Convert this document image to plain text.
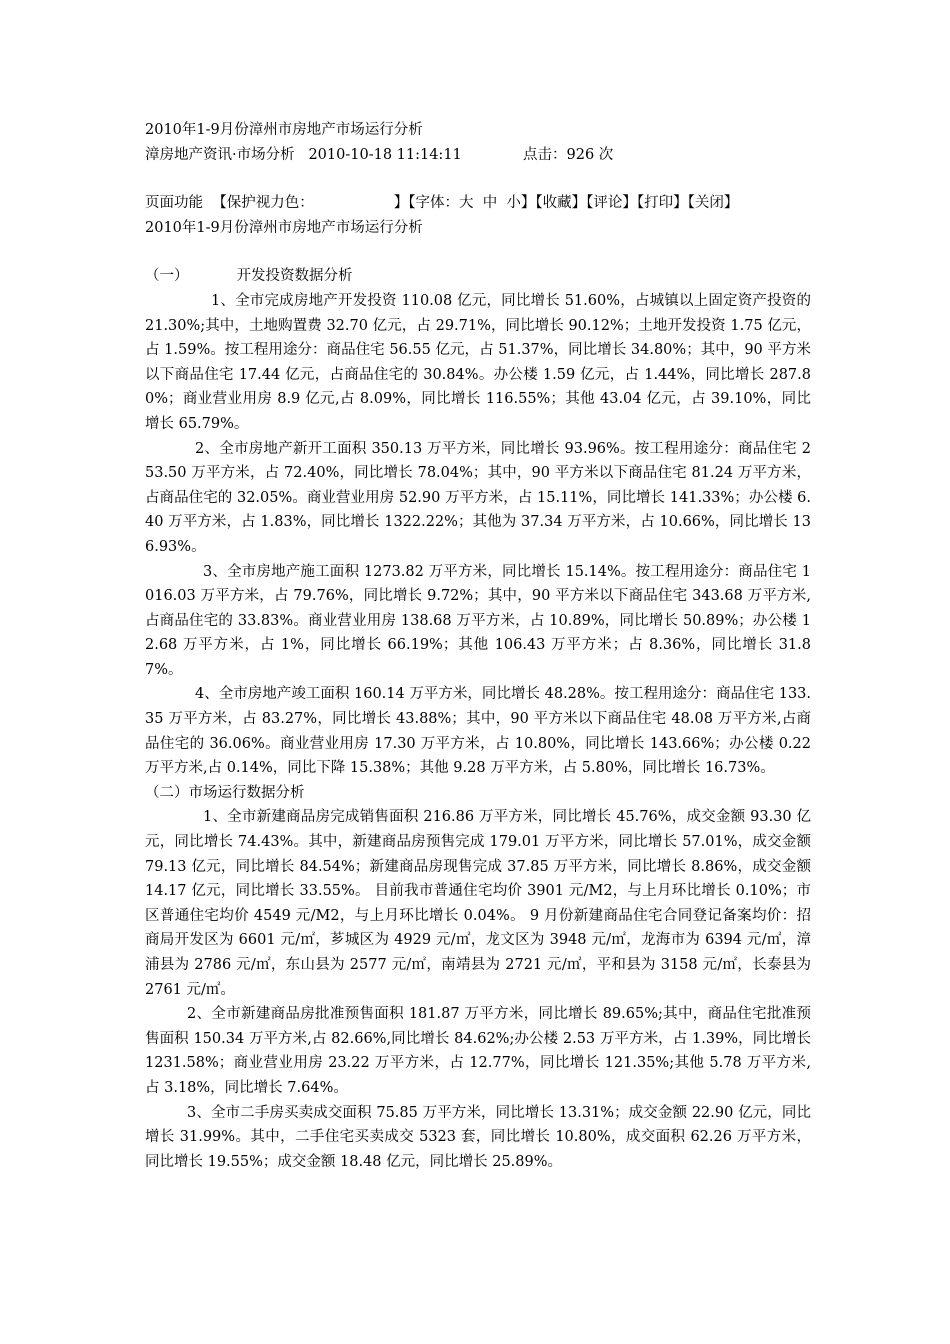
2010年1-9月份漳州市房地产市场运行分析
漳房地产资讯·市场分析 2010-10-18 11:14:11	点击：926 次
页面功能 【保护视力色：	】【字体：大 中 小】【收藏】【评论】【打印】【关闭】
2010年1-9月份漳州市房地产市场运行分析
（一）	开发投资数据分析

1、全市完成房地产开发投资 110.08 亿元，同比增长 51.60%，占城镇以上固定资产投资的 21.30%;其中，土地购置费 32.70 亿元，占 29.71%，同比增长 90.12%；土地开发投资 1.75 亿元，占 1.59%。按工程用途分：商品住宅 56.55 亿元，占 51.37%，同比增长 34.80%；其中，90 平方米以下商品住宅 17.44 亿元，占商品住宅的 30.84%。办公楼 1.59 亿元，占 1.44%，同比增长 287.80%；商业营业用房 8.9 亿元,占 8.09%，同比增长 116.55%；其他 43.04 亿元，占 39.10%，同比增长 65.79%。

2、全市房地产新开工面积 350.13 万平方米，同比增长 93.96%。按工程用途分：商品住宅 253.50 万平方米，占 72.40%，同比增长 78.04%；其中，90 平方米以下商品住宅 81.24 万平方米，占商品住宅的 32.05%。商业营业用房 52.90 万平方米，占 15.11%，同比增长 141.33%；办公楼 6.40 万平方米，占 1.83%，同比增长 1322.22%；其他为 37.34 万平方米，占 10.66%，同比增长 136.93%。

3、全市房地产施工面积 1273.82 万平方米，同比增长 15.14%。按工程用途分：商品住宅 1016.03 万平方米，占 79.76%，同比增长 9.72%；其中，90 平方米以下商品住宅 343.68 万平方米,占商品住宅的 33.83%。商业营业用房 138.68 万平方米，占 10.89%，同比增长 50.89%；办公楼 12.68 万平方米，占 1%，同比增长 66.19%；其他 106.43 万平方米；占 8.36%，同比增长 31.87%。

4、全市房地产竣工面积 160.14 万平方米，同比增长 48.28%。按工程用途分：商品住宅 133.35 万平方米，占 83.27%，同比增长 43.88%；其中，90 平方米以下商品住宅 48.08 万平方米,占商品住宅的 36.06%。商业营业用房 17.30 万平方米，占 10.80%，同比增长 143.66%；办公楼 0.22 万平方米,占 0.14%，同比下降 15.38%；其他 9.28 万平方米，占 5.80%，同比增长 16.73%。

（二）市场运行数据分析

1、全市新建商品房完成销售面积 216.86 万平方米，同比增长 45.76%，成交金额 93.30 亿元，同比增长 74.43%。其中，新建商品房预售完成 179.01 万平方米，同比增长 57.01%，成交金额 79.13 亿元，同比增长 84.54%；新建商品房现售完成 37.85 万平方米，同比增长 8.86%，成交金额 14.17 亿元，同比增长 33.55%。 目前我市普通住宅均价 3901 元/M2，与上月环比增长 0.10%；市区普通住宅均价 4549 元/M2，与上月环比增长 0.04%。 9 月份新建商品住宅合同登记备案均价：招商局开发区为 6601 元/㎡，芗城区为 4929 元/㎡，龙文区为 3948 元/㎡，龙海市为 6394 元/㎡，漳浦县为 2786 元/㎡，东山县为 2577 元/㎡，南靖县为 2721 元/㎡，平和县为 3158 元/㎡，长泰县为 2761 元/㎡。

2、全市新建商品房批准预售面积 181.87 万平方米，同比增长 89.65%;其中，商品住宅批准预售面积 150.34 万平方米,占 82.66%,同比增长 84.62%;办公楼 2.53 万平方米，占 1.39%，同比增长 1231.58%；商业营业用房 23.22 万平方米，占 12.77%，同比增长 121.35%;其他 5.78 万平方米,占 3.18%，同比增长 7.64%。

3、全市二手房买卖成交面积 75.85 万平方米，同比增长 13.31%；成交金额 22.90 亿元，同比增长 31.99%。其中，二手住宅买卖成交 5323 套，同比增长 10.80%，成交面积 62.26 万平方米，同比增长 19.55%；成交金额 18.48 亿元，同比增长 25.89%。
